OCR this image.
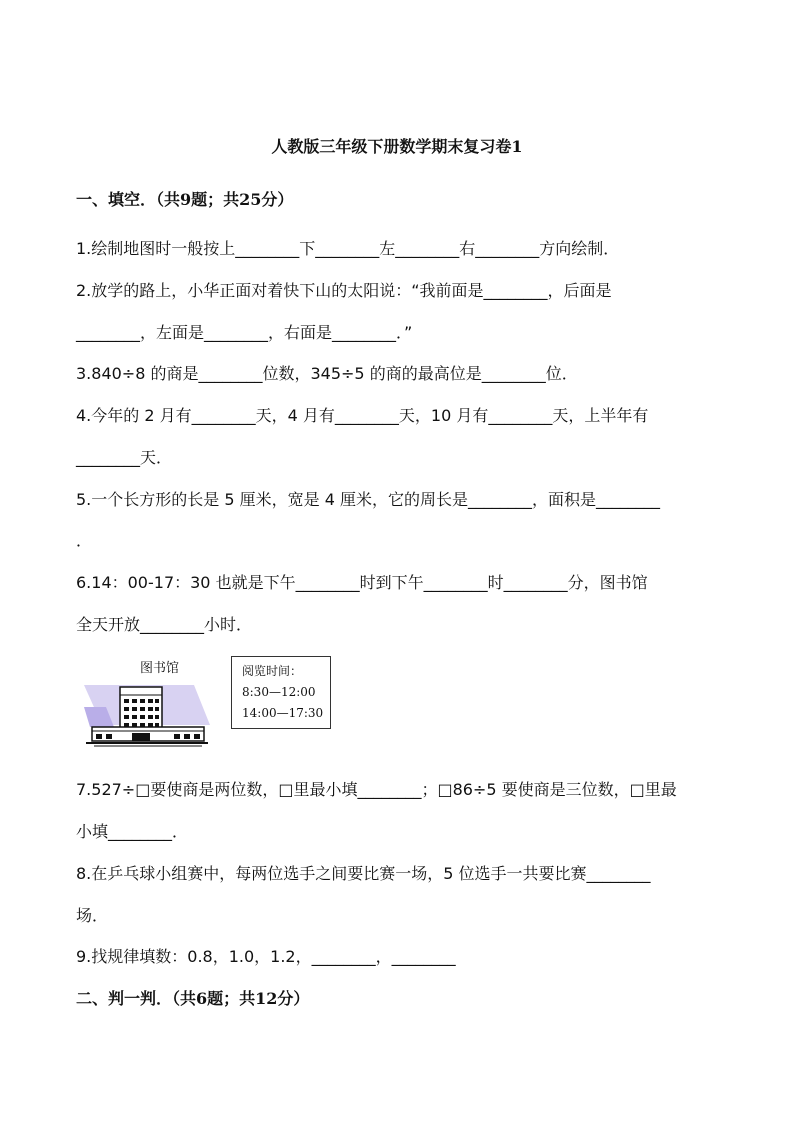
人教版三年级下册数学期末复习卷1
一、填空．（共9题；共25分）
1.绘制地图时一般按上________下________左________右________方向绘制．
2.放学的路上，小华正面对着快下山的太阳说：“我前面是________，后面是
________，左面是________，右面是________．”
3.840÷8 的商是________位数，345÷5 的商的最高位是________位．
4.今年的 2 月有________天，4 月有________天，10 月有________天，上半年有
________天．
5.一个长方形的长是 5 厘米，宽是 4 厘米，它的周长是________，面积是________
．
6.14：00-17：30 也就是下午________时到下午________时________分，图书馆
全天开放________小时．
图书馆	阅览时间：
8:30—12:00
14:00—17:30
7.527÷□要使商是两位数，□里最小填________；□86÷5 要使商是三位数，□里最
小填________．
8.在乒乓球小组赛中，每两位选手之间要比赛一场，5 位选手一共要比赛________
场．
9.找规律填数：0.8，1.0，1.2，________，________
二、判一判．（共6题；共12分）
